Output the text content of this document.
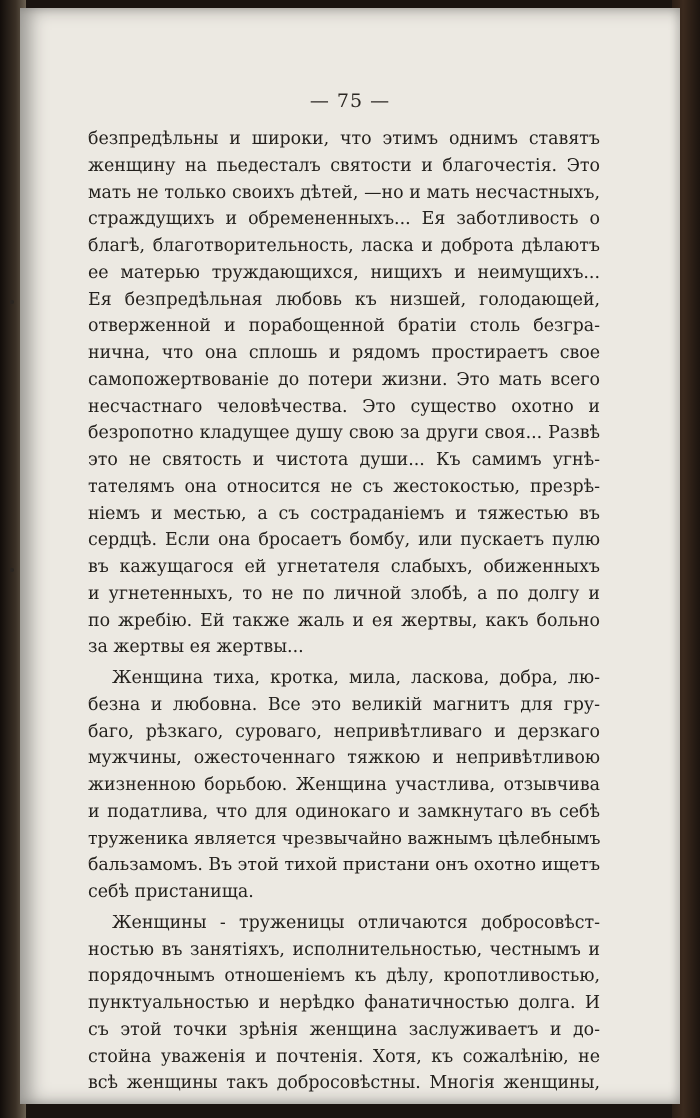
— 75 —
безпредѣльны и широки, что этимъ однимъ ставятъ
женщину на пьедесталъ святости и благочестія. Это
мать не только своихъ дѣтей, —но и мать несчастныхъ,
страждущихъ и обремененныхъ... Ея заботливость о
благѣ, благотворительность, ласка и доброта дѣлаютъ
ее матерью труждающихся, нищихъ и неимущихъ...
Ея безпредѣльная любовь къ низшей, голодающей,
отверженной и порабощенной братіи столь безгра-
нична, что она сплошь и рядомъ простираетъ свое
самопожертвованіе до потери жизни. Это мать всего
несчастнаго человѣчества. Это существо охотно и
безропотно кладущее душу свою за други своя... Развѣ
это не святость и чистота души... Къ самимъ угнѣ-
тателямъ она относится не съ жестокостью, презрѣ-
ніемъ и местью, а съ состраданіемъ и тяжестью въ
сердцѣ. Если она бросаетъ бомбу, или пускаетъ пулю
въ кажущагося ей угнетателя слабыхъ, обиженныхъ
и угнетенныхъ, то не по личной злобѣ, а по долгу и
по жребію. Ей также жаль и ея жертвы, какъ больно
за жертвы ея жертвы...
Женщина тиха, кротка, мила, ласкова, добра, лю-
безна и любовна. Все это великій магнитъ для гру-
баго, рѣзкаго, суроваго, непривѣтливаго и дерзкаго
мужчины, ожесточеннаго тяжкою и непривѣтливою
жизненною борьбою. Женщина участлива, отзывчива
и податлива, что для одинокаго и замкнутаго въ себѣ
труженика является чрезвычайно важнымъ цѣлебнымъ
бальзамомъ. Въ этой тихой пристани онъ охотно ищетъ
себѣ пристанища.
Женщины - труженицы отличаются добросовѣст-
ностью въ занятіяхъ, исполнительностью, честнымъ и
порядочнымъ отношеніемъ къ дѣлу, кропотливостью,
пунктуальностью и нерѣдко фанатичностью долга. И
съ этой точки зрѣнія женщина заслуживаетъ и до-
стойна уваженія и почтенія. Хотя, къ сожалѣнію, не
всѣ женщины такъ добросовѣстны. Многія женщины,
